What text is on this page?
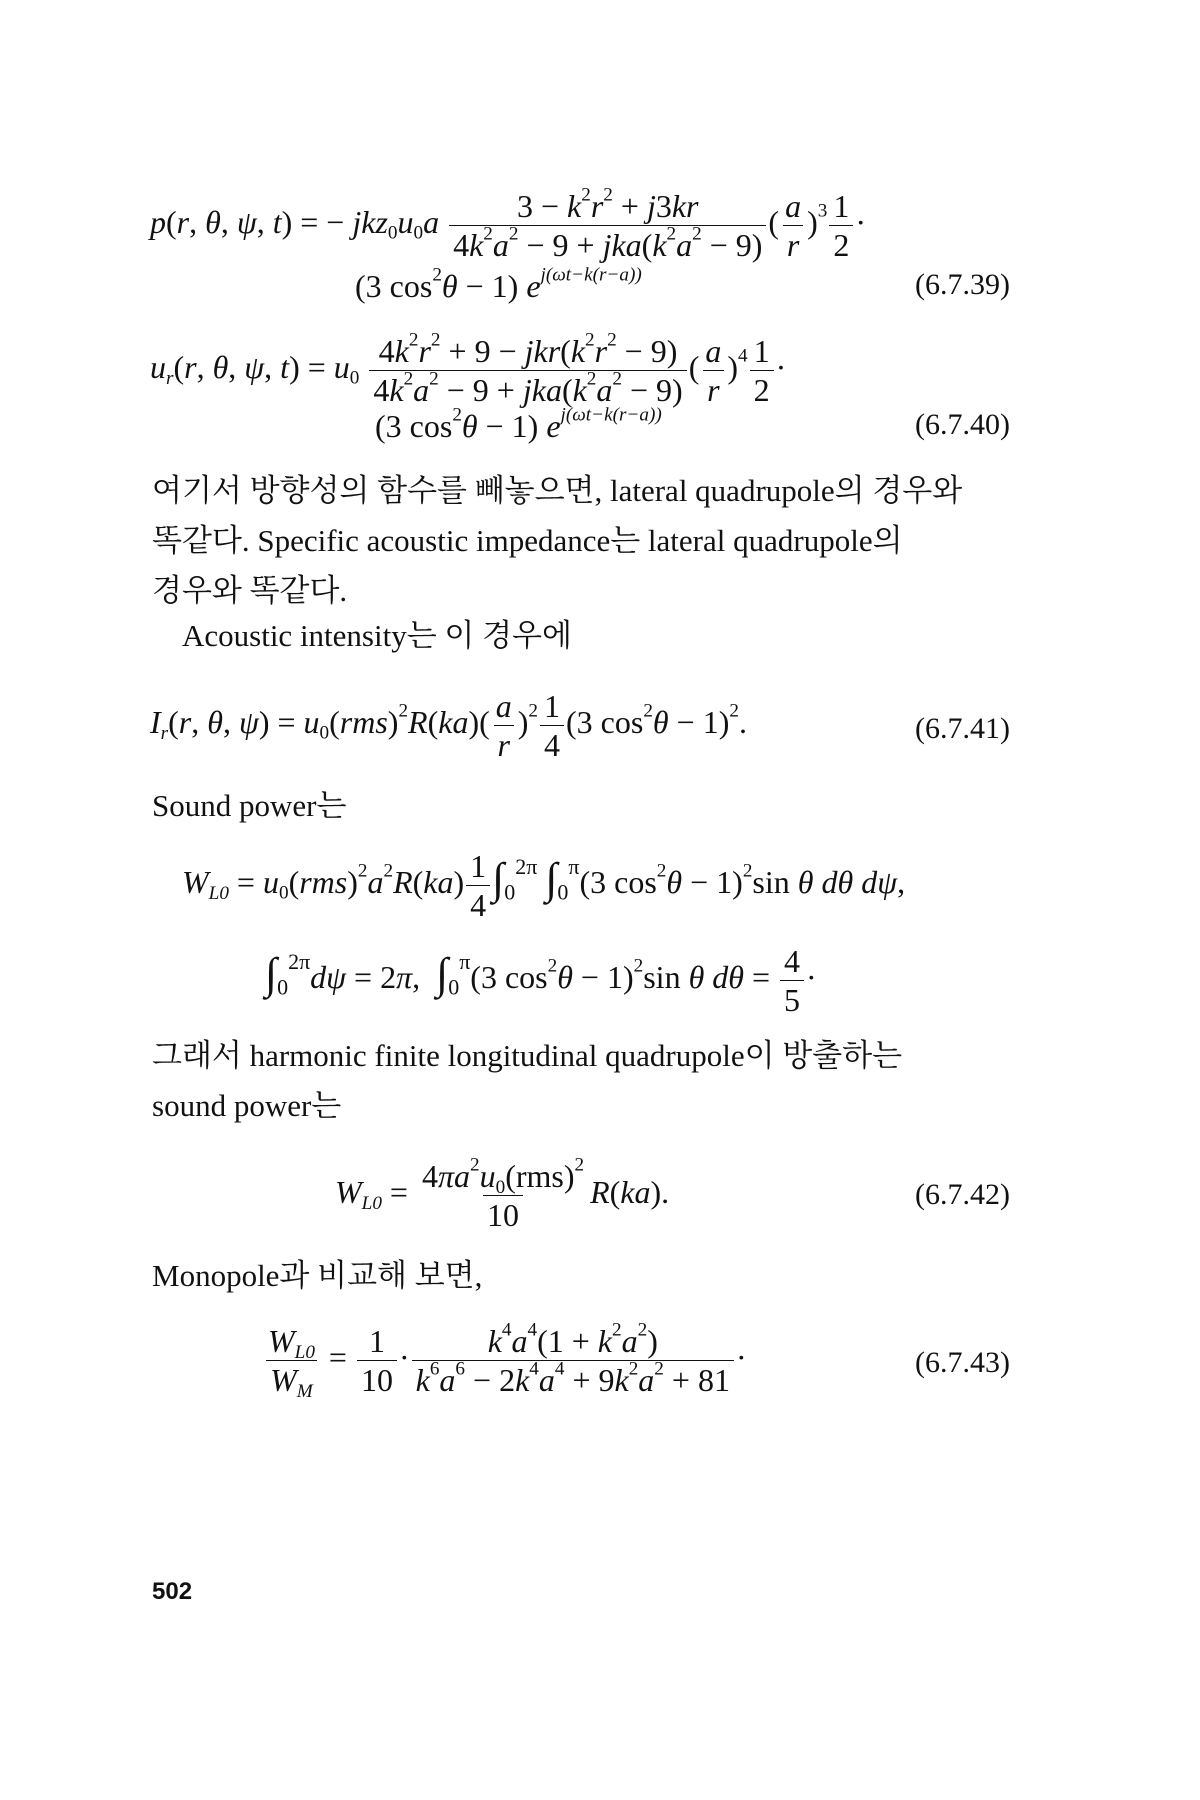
p(r, θ, ψ, t) = − $jkz_0u_0a \frac{3 - k^2r^2 + j3kr}{4k^2a^2 - 9 + jka(k^2a^2 - 9)}$ ( $\frac{a}{r} )^3 \frac{1}{2}$ ·
(3 $\cos^2\theta - 1$) $e^{j(\omega t-k(r-a))}$	(6.7.39)
$u_r(r$, θ, ψ, $t) = u_0 \frac{4k^2r^2 + 9 - jkr(k^2r^2 - 9)}{4k^2a^2 - 9 + jka(k^2a^2 - 9)}$ ( $\frac{a}{r} )^4 \frac{1}{2}$ ·
(3 $\cos^2\theta - 1$) $e^{j(\omega t-k(r-a))}$	(6.7.40)
여기서 방향성의 함수를 빼놓으면, lateral quadrupole의 경우와
똑같다. Specific acoustic impedance는 lateral quadrupole의
경우와 똑같다.
Acoustic intensity는 이 경우에
$I_r(r$, θ, $\psi) = u_0(rms)^2R(ka)( \frac{a}{r} )^2 \frac{1}{4} (3$ $\cos^2\theta - 1)^2$.	(6.7.41)
Sound power는
$W_{L0} = u_0(rms)^2a^2R(ka) \frac{1}{4} \int_0^{2\pi}$ $\int_0^\pi(3$ $\cos^2\theta - 1)^2\sin$ θ dθ dψ,
$\int_0^{2\pi}d\psi = 2\pi$,  $\int_0^\pi(3$ $\cos^2\theta - 1)^2\sin$ θ $d\theta = \frac{4}{5}$ ·
그래서 harmonic finite longitudinal quadrupole이 방출하는
sound power는
$W_{L0} = \frac{4\pi a^2u_0(rms)^2}{10} R(ka)$.	(6.7.42)
Monopole과 비교해 보면,
$\frac{W_{L0}}{W_M} = \frac{1}{10} \cdot \frac{k^4a^4(1 + k^2a^2)}{k^6a^6 - 2k^4a^4 + 9k^2a^2 + 81}$ ·	(6.7.43)
502
